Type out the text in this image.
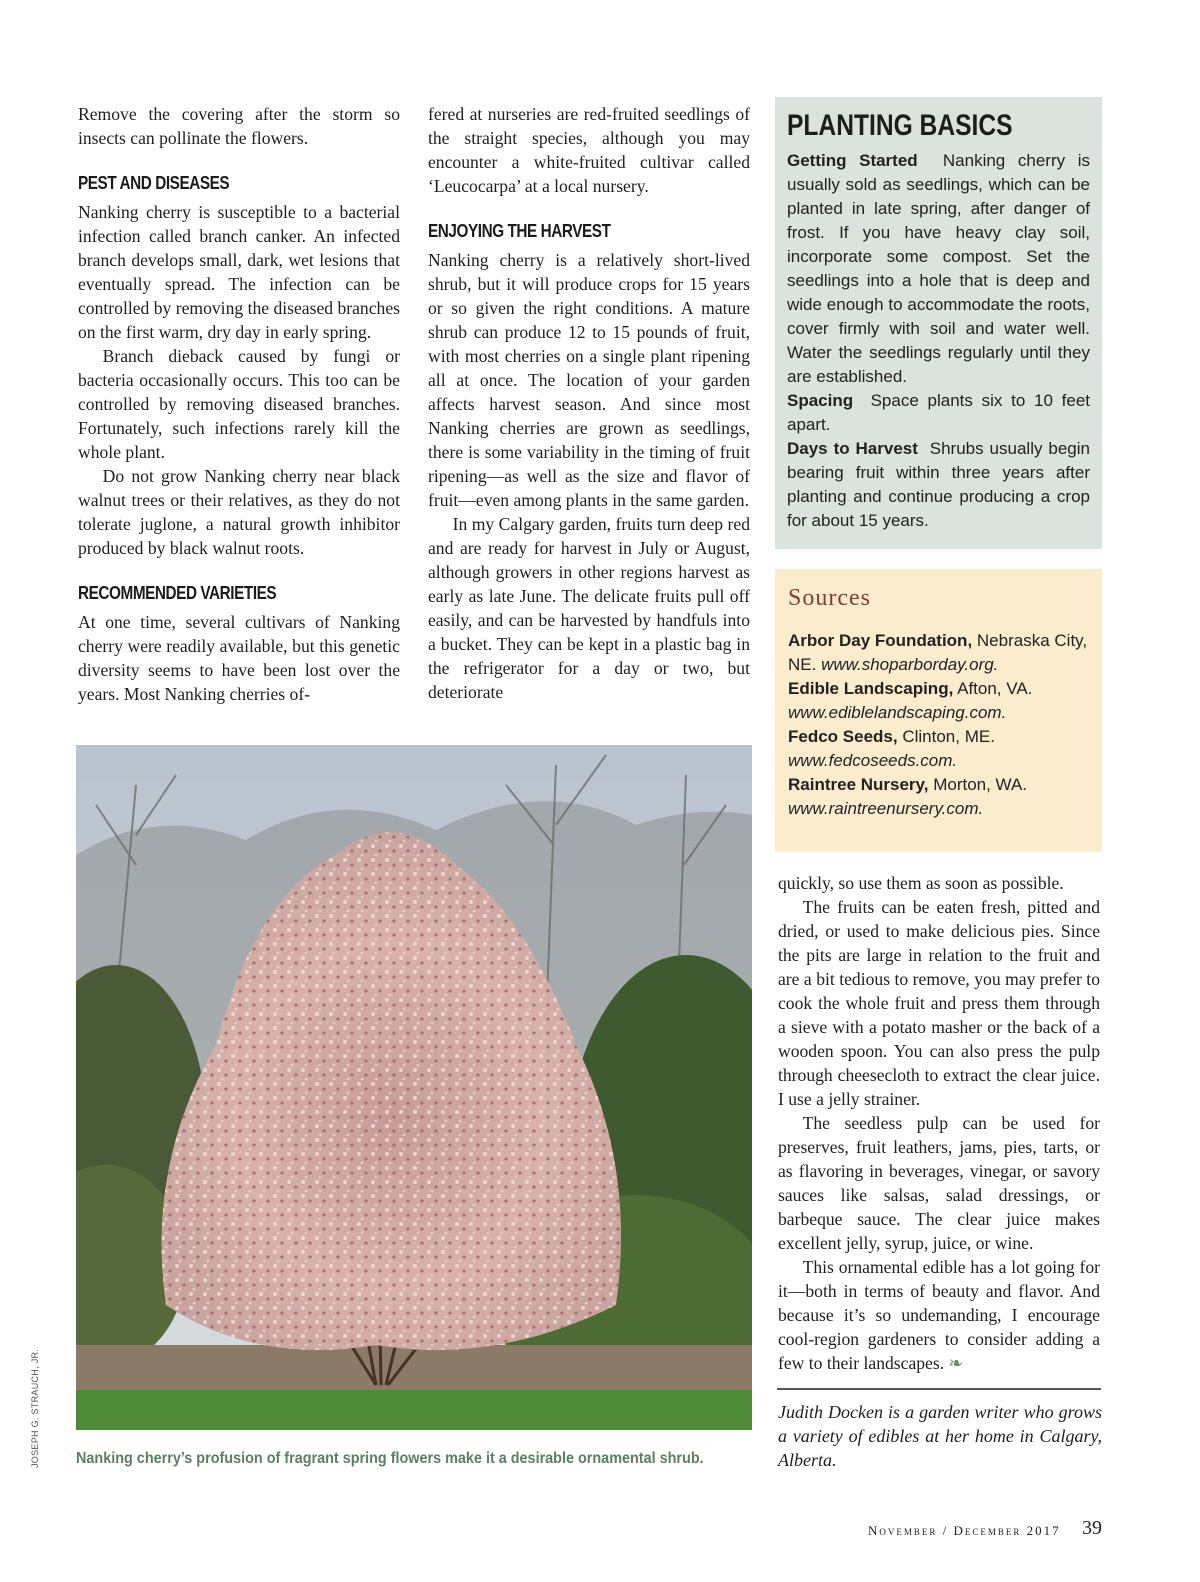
Remove the covering after the storm so insects can pollinate the flowers.

PEST AND DISEASES

Nanking cherry is susceptible to a bacterial infection called branch canker. An infected branch develops small, dark, wet lesions that eventually spread. The infection can be controlled by removing the diseased branches on the first warm, dry day in early spring.

Branch dieback caused by fungi or bacteria occasionally occurs. This too can be controlled by removing diseased branches. Fortunately, such infections rarely kill the whole plant.

Do not grow Nanking cherry near black walnut trees or their relatives, as they do not tolerate juglone, a natural growth inhibitor produced by black walnut roots.

RECOMMENDED VARIETIES

At one time, several cultivars of Nanking cherry were readily available, but this genetic diversity seems to have been lost over the years. Most Nanking cherries of-

fered at nurseries are red-fruited seedlings of the straight species, although you may encounter a white-fruited cultivar called ‘Leucocarpa’ at a local nursery.

ENJOYING THE HARVEST

Nanking cherry is a relatively short-lived shrub, but it will produce crops for 15 years or so given the right conditions. A mature shrub can produce 12 to 15 pounds of fruit, with most cherries on a single plant ripening all at once. The location of your garden affects harvest season. And since most Nanking cherries are grown as seedlings, there is some variability in the timing of fruit ripening—as well as the size and flavor of fruit—even among plants in the same garden.

In my Calgary garden, fruits turn deep red and are ready for harvest in July or August, although growers in other regions harvest as early as late June. The delicate fruits pull off easily, and can be harvested by handfuls into a bucket. They can be kept in a plastic bag in the refrigerator for a day or two, but deteriorate

PLANTING BASICS

Getting Started Nanking cherry is usually sold as seedlings, which can be planted in late spring, after danger of frost. If you have heavy clay soil, incorporate some compost. Set the seedlings into a hole that is deep and wide enough to accommodate the roots, cover firmly with soil and water well. Water the seedlings regularly until they are established.

Spacing Space plants six to 10 feet apart.

Days to Harvest Shrubs usually begin bearing fruit within three years after planting and continue producing a crop for about 15 years.

Sources

Arbor Day Foundation, Nebraska City, NE. www.shoparborday.org.

Edible Landscaping, Afton, VA. www.ediblelandscaping.com.

Fedco Seeds, Clinton, ME. www.fedcoseeds.com.

Raintree Nursery, Morton, WA. www.raintreenursery.com.

JOSEPH G. STRAUCH, JR. Nanking cherry’s profusion of fragrant spring flowers make it a desirable ornamental shrub.

quickly, so use them as soon as possible.

The fruits can be eaten fresh, pitted and dried, or used to make delicious pies. Since the pits are large in relation to the fruit and are a bit tedious to remove, you may prefer to cook the whole fruit and press them through a sieve with a potato masher or the back of a wooden spoon. You can also press the pulp through cheesecloth to extract the clear juice. I use a jelly strainer.

The seedless pulp can be used for preserves, fruit leathers, jams, pies, tarts, or as flavoring in beverages, vinegar, or savory sauces like salsas, salad dressings, or barbeque sauce. The clear juice makes excellent jelly, syrup, juice, or wine.

This ornamental edible has a lot going for it—both in terms of beauty and flavor. And because it’s so undemanding, I encourage cool-region gardeners to consider adding a few to their landscapes. ❧

Judith Docken is a garden writer who grows a variety of edibles at her home in Calgary, Alberta.
November / December 2017 39
